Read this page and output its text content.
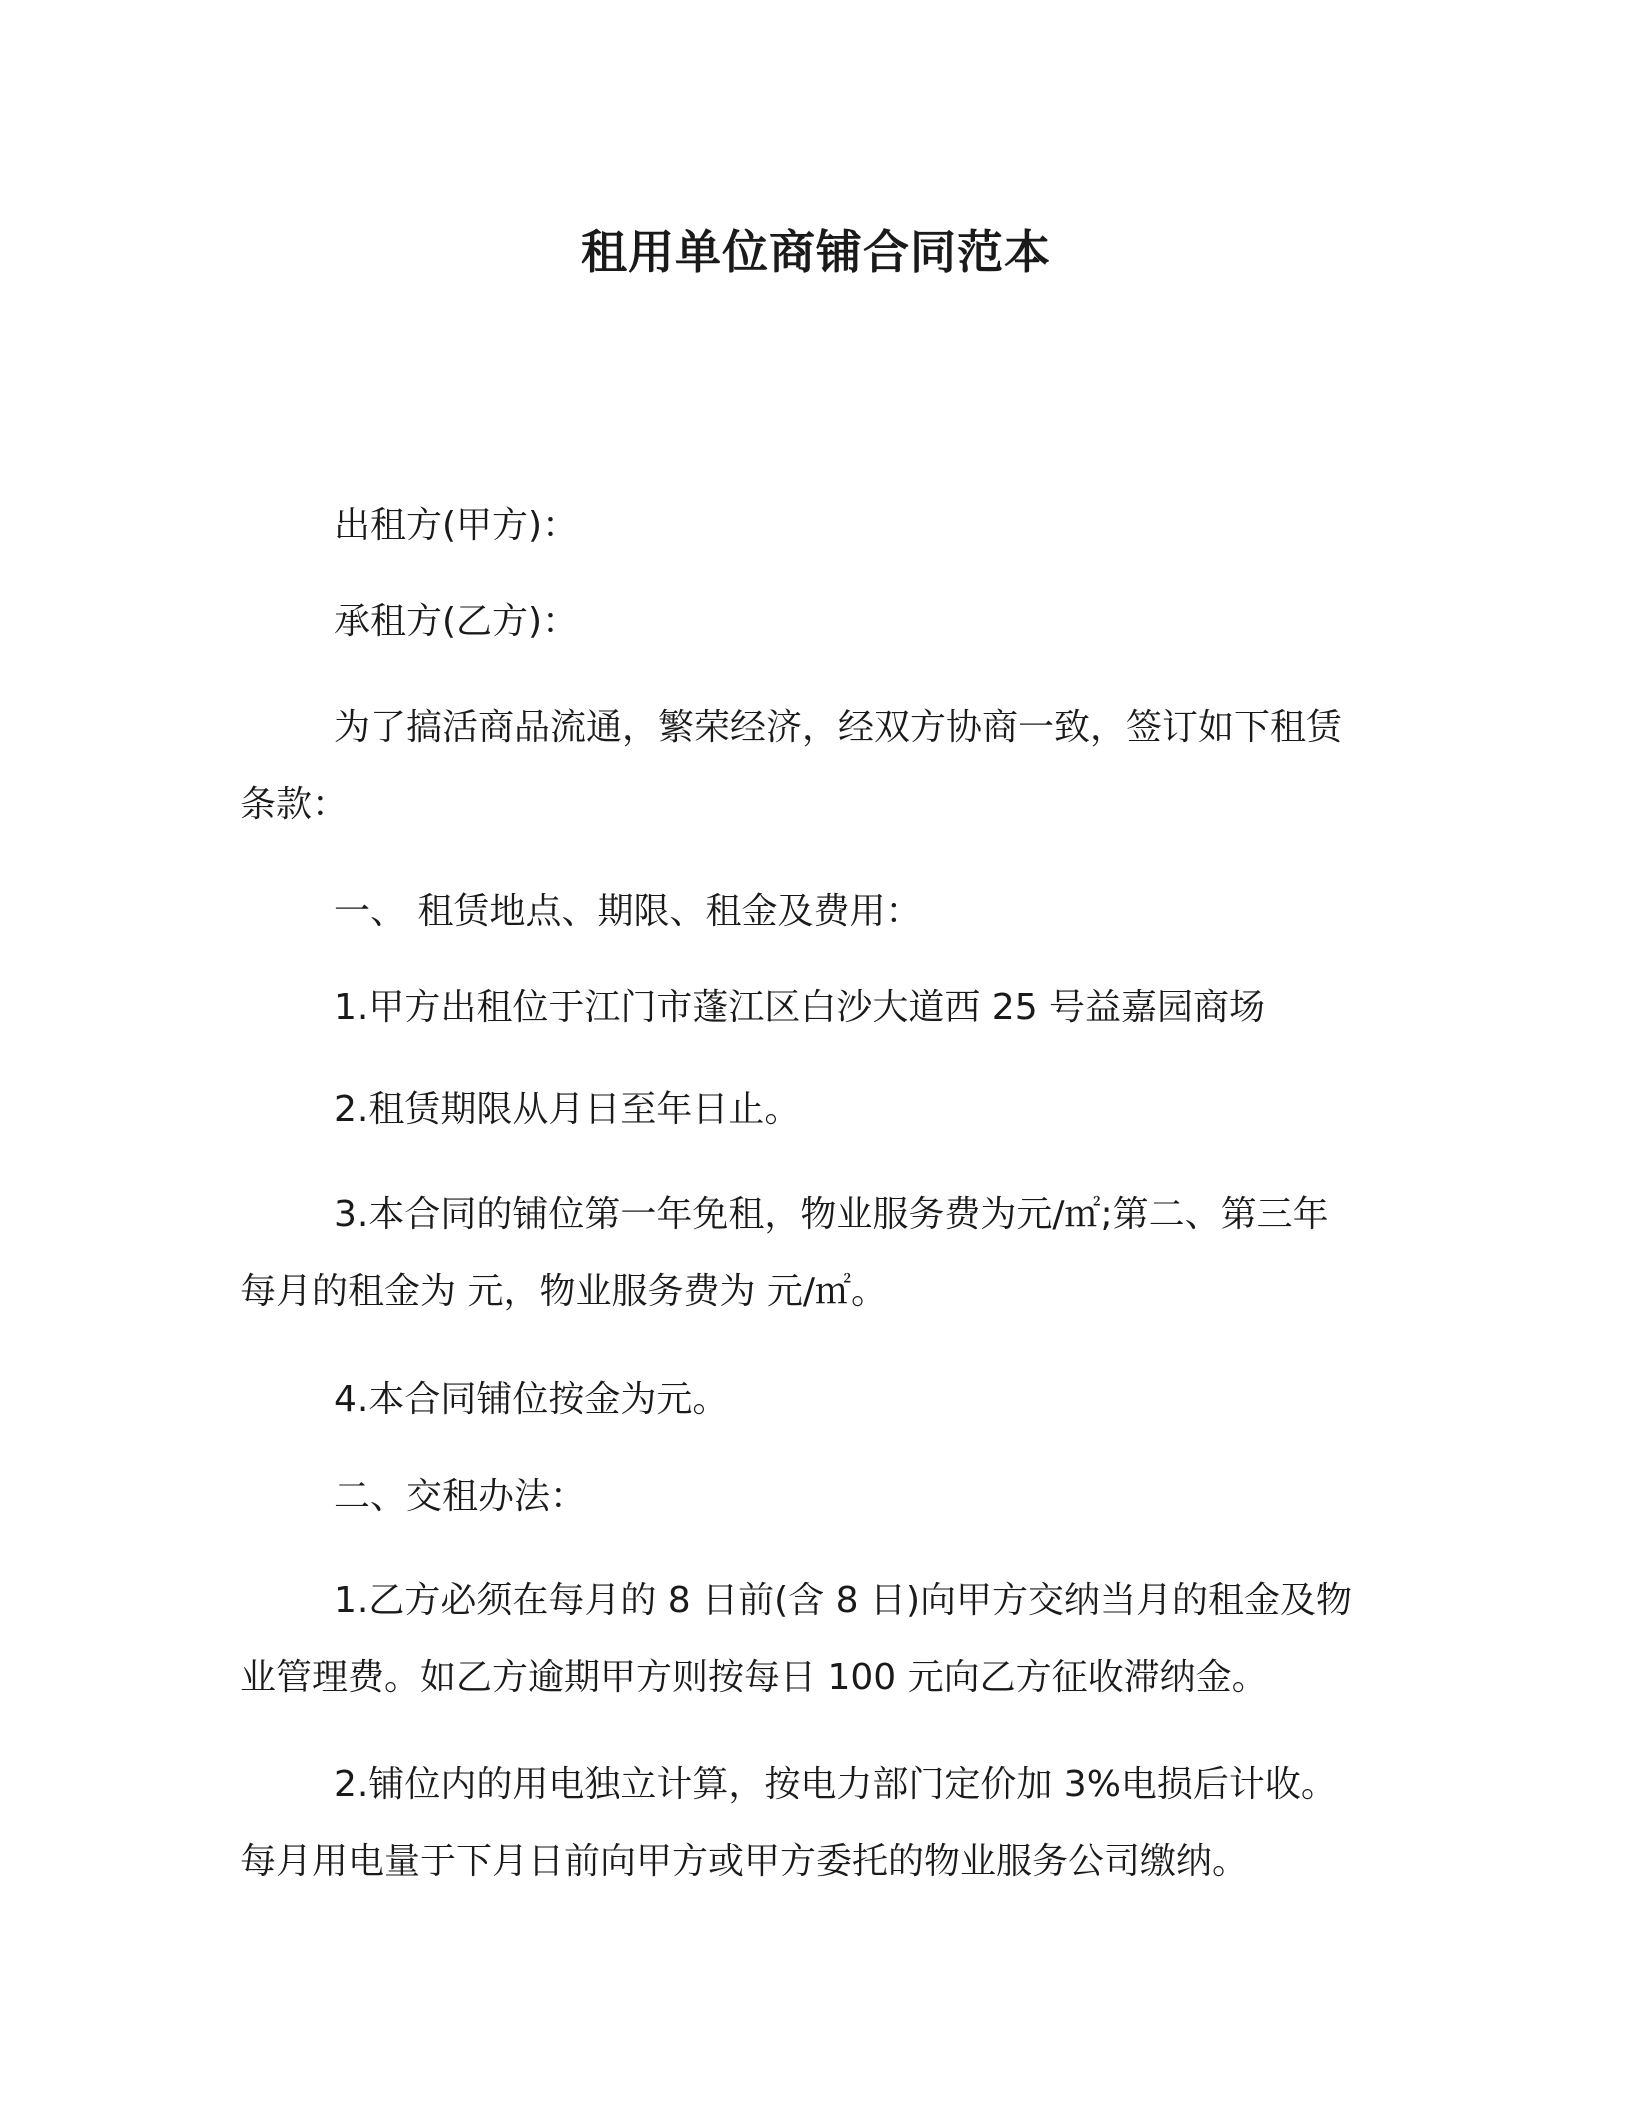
租用单位商铺合同范本

出租方(甲方)：

承租方(乙方)：

为了搞活商品流通，繁荣经济，经双方协商一致，签订如下租赁
条款：

一、 租赁地点、期限、租金及费用：

1.甲方出租位于江门市蓬江区白沙大道西 25 号益嘉园商场

2.租赁期限从月日至年日止。

3.本合同的铺位第一年免租，物业服务费为元/㎡;第二、第三年
每月的租金为 元，物业服务费为 元/㎡。

4.本合同铺位按金为元。

二、交租办法：

1.乙方必须在每月的 8 日前(含 8 日)向甲方交纳当月的租金及物
业管理费。如乙方逾期甲方则按每日 100 元向乙方征收滞纳金。
2.铺位内的用电独立计算，按电力部门定价加 3%电损后计收。
每月用电量于下月日前向甲方或甲方委托的物业服务公司缴纳。
